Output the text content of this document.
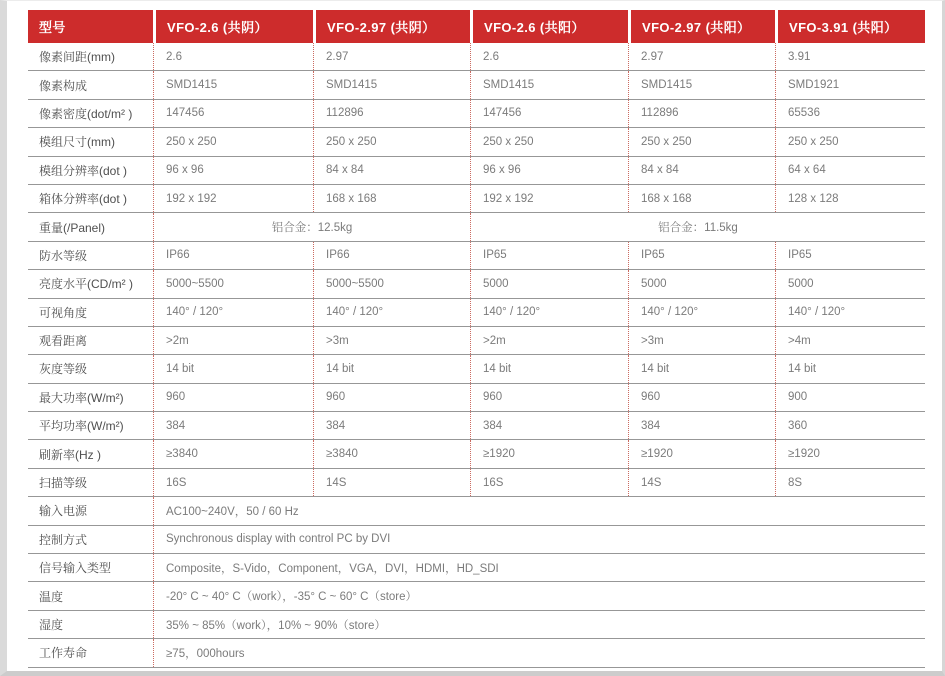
型号	VFO-2.6 (共阴）	VFO-2.97 (共阴）	VFO-2.6 (共阳）	VFO-2.97 (共阳）	VFO-3.91 (共阳）
像素间距(mm)	2.6	2.97	2.6	2.97	3.91
像素构成	SMD1415	SMD1415	SMD1415	SMD1415	SMD1921
像素密度(dot/m² )	147456	112896	147456	112896	65536
模组尺寸(mm)	250 x 250	250 x 250	250 x 250	250 x 250	250 x 250
模组分辨率(dot )	96 x 96	84 x 84	96 x 96	84 x 84	64 x 64
箱体分辨率(dot )	192 x 192	168 x 168	192 x 192	168 x 168	128 x 128
重量(/Panel)	铝合金：12.5kg	铝合金：11.5kg
防水等级	IP66	IP66	IP65	IP65	IP65
亮度水平(CD/m² )	5000~5500	5000~5500	5000	5000	5000
可视角度	140° / 120°	140° / 120°	140° / 120°	140° / 120°	140° / 120°
观看距离	>2m	>3m	>2m	>3m	>4m
灰度等级	14 bit	14 bit	14 bit	14 bit	14 bit
最大功率(W/m²)	960	960	960	960	900
平均功率(W/m²)	384	384	384	384	360
刷新率(Hz )	≥3840	≥3840	≥1920	≥1920	≥1920
扫描等级	16S	14S	16S	14S	8S
输入电源	AC100~240V，50 / 60 Hz
控制方式	Synchronous display with control PC by DVI
信号输入类型	Composite，S-Vido，Component，VGA，DVI，HDMI，HD_SDI
温度	-20° C ~ 40° C（work），-35° C ~ 60° C（store）
湿度	35% ~ 85%（work），10% ~ 90%（store）
工作寿命	≥75，000hours
